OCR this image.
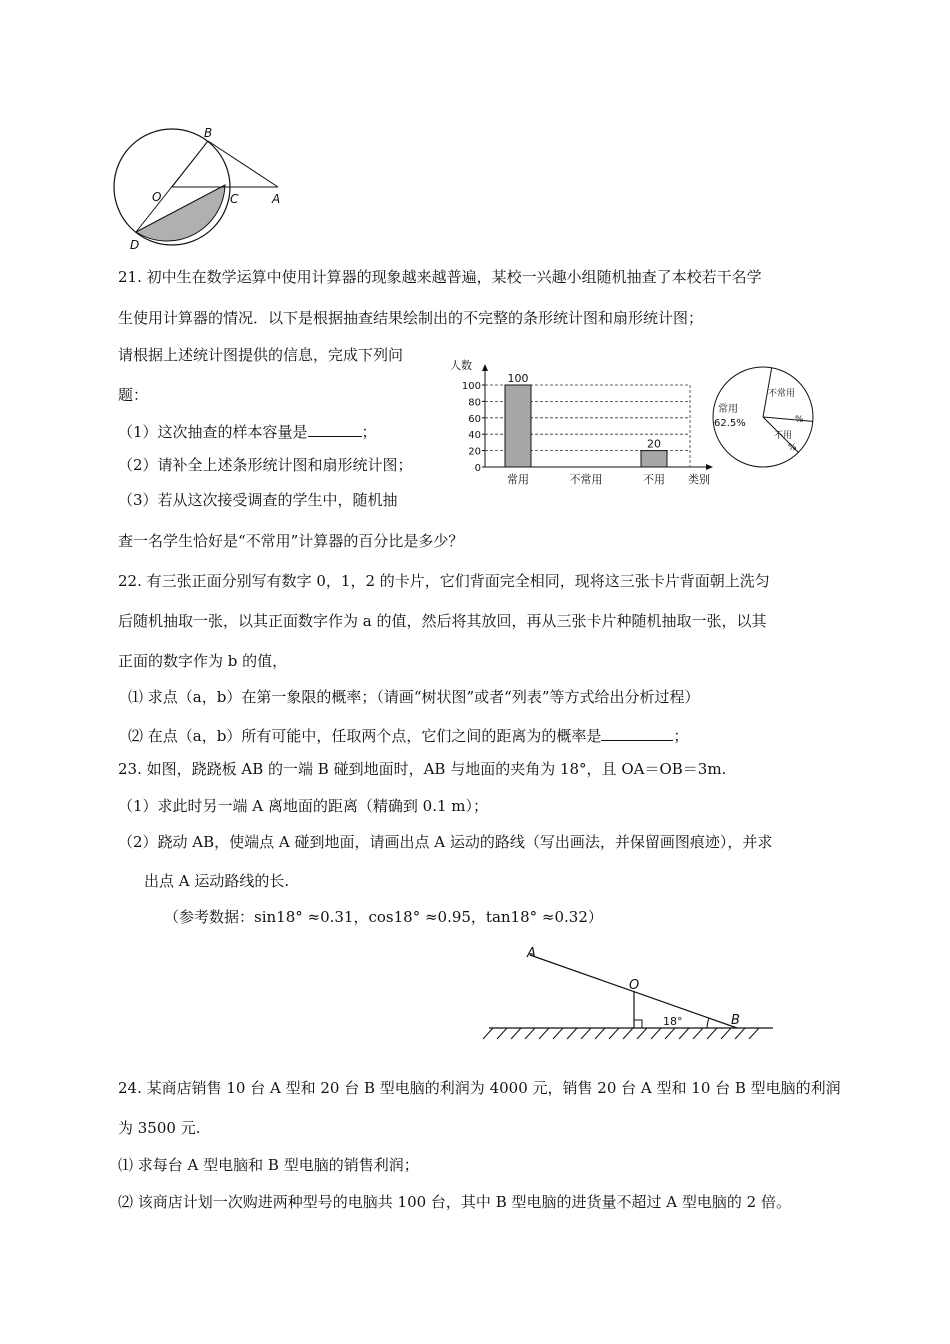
B
O	C	A
D
21. 初中生在数学运算中使用计算器的现象越来越普遍，某校一兴趣小组随机抽查了本校若干名学
生使用计算器的情况．以下是根据抽查结果绘制出的不完整的条形统计图和扇形统计图；
请根据上述统计图提供的信息，完成下列问
题：
（1）这次抽查的样本容量是	；
（2）请补全上述条形统计图和扇形统计图；
（3）若从这次接受调查的学生中，随机抽
查一名学生恰好是“不常用”计算器的百分比是多少？
人数
类别
0
20
40
60
80
100
常用
100
不常用	不用
20
常用
62.5%
不常用
%
不用
%
22. 有三张正面分别写有数字 0，1，2 的卡片，它们背面完全相同，现将这三张卡片背面朝上洗匀
后随机抽取一张，以其正面数字作为 a 的值，然后将其放回，再从三张卡片种随机抽取一张，以其
正面的数字作为 b 的值，
⑴ 求点（a，b）在第一象限的概率；（请画“树状图”或者“列表”等方式给出分析过程）
⑵ 在点（a，b）所有可能中，任取两个点，它们之间的距离为的概率是	；
23. 如图，跷跷板 AB 的一端 B 碰到地面时，AB 与地面的夹角为 18°，且 OA＝OB＝3m.
（1）求此时另一端 A 离地面的距离（精确到 0.1 m）；
（2）跷动 AB，使端点 A 碰到地面，请画出点 A 运动的路线（写出画法，并保留画图痕迹），并求
出点 A 运动路线的长.
（参考数据：sin18° ≈0.31，cos18° ≈0.95，tan18° ≈0.32）
A
O
B
18°
24. 某商店销售 10 台 A 型和 20 台 B 型电脑的利润为 4000 元，销售 20 台 A 型和 10 台 B 型电脑的利润
为 3500 元.
⑴ 求每台 A 型电脑和 B 型电脑的销售利润；
⑵ 该商店计划一次购进两种型号的电脑共 100 台，其中 B 型电脑的进货量不超过 A 型电脑的 2 倍。
